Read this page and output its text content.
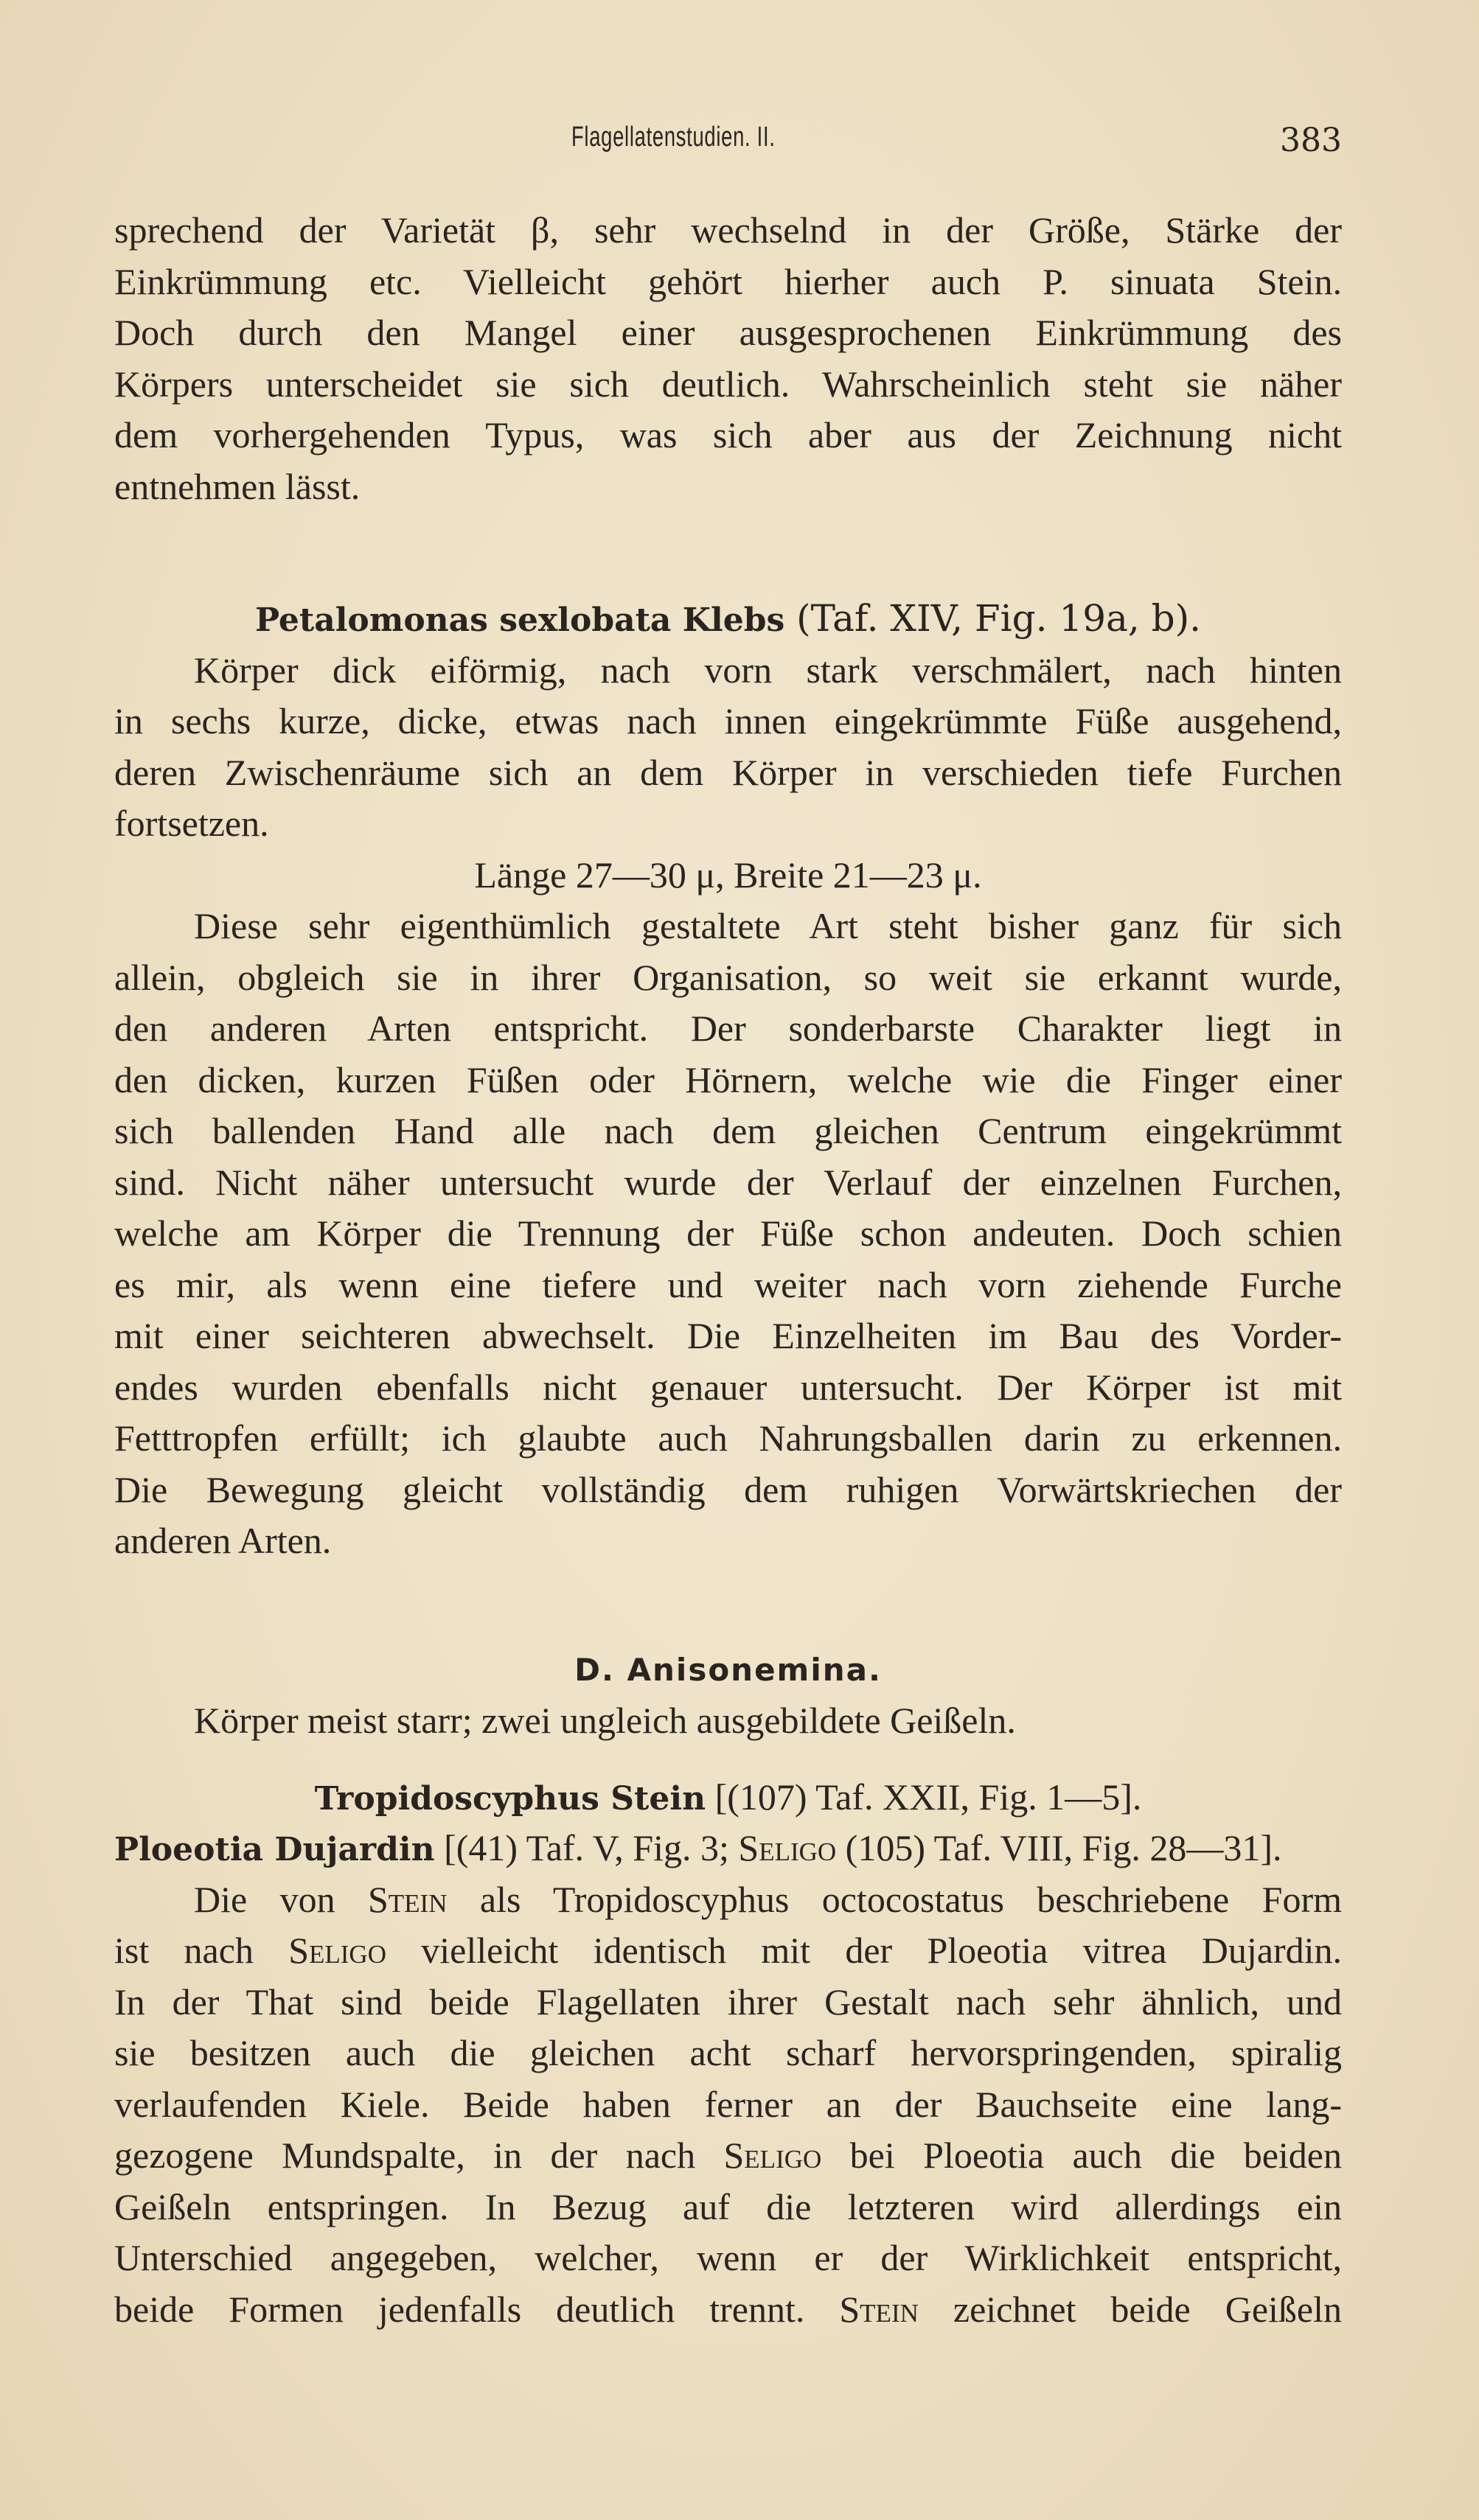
Flagellatenstudien. II.	383
sprechend der Varietät β, sehr wechselnd in der Größe, Stärke der
Einkrümmung etc. Vielleicht gehört hierher auch P. sinuata Stein.
Doch durch den Mangel einer ausgesprochenen Einkrümmung des
Körpers unterscheidet sie sich deutlich. Wahrscheinlich steht sie näher
dem vorhergehenden Typus, was sich aber aus der Zeichnung nicht
entnehmen lässt.
Petalomonas sexlobata Klebs (Taf. XIV, Fig. 19a, b).
Körper dick eiförmig, nach vorn stark verschmälert, nach hinten
in sechs kurze, dicke, etwas nach innen eingekrümmte Füße ausgehend,
deren Zwischenräume sich an dem Körper in verschieden tiefe Furchen
fortsetzen.
Länge 27—30 μ, Breite 21—23 μ.
Diese sehr eigenthümlich gestaltete Art steht bisher ganz für sich
allein, obgleich sie in ihrer Organisation, so weit sie erkannt wurde,
den anderen Arten entspricht. Der sonderbarste Charakter liegt in
den dicken, kurzen Füßen oder Hörnern, welche wie die Finger einer
sich ballenden Hand alle nach dem gleichen Centrum eingekrümmt
sind. Nicht näher untersucht wurde der Verlauf der einzelnen Furchen,
welche am Körper die Trennung der Füße schon andeuten. Doch schien
es mir, als wenn eine tiefere und weiter nach vorn ziehende Furche
mit einer seichteren abwechselt. Die Einzelheiten im Bau des Vorder-
endes wurden ebenfalls nicht genauer untersucht. Der Körper ist mit
Fetttropfen erfüllt; ich glaubte auch Nahrungsballen darin zu erkennen.
Die Bewegung gleicht vollständig dem ruhigen Vorwärtskriechen der
anderen Arten.
D. Anisonemina.
Körper meist starr; zwei ungleich ausgebildete Geißeln.
Tropidoscyphus Stein [(107) Taf. XXII, Fig. 1—5].
Ploeotia Dujardin [(41) Taf. V, Fig. 3; Seligo (105) Taf. VIII, Fig. 28—31].
Die von Stein als Tropidoscyphus octocostatus beschriebene Form
ist nach Seligo vielleicht identisch mit der Ploeotia vitrea Dujardin.
In der That sind beide Flagellaten ihrer Gestalt nach sehr ähnlich, und
sie besitzen auch die gleichen acht scharf hervorspringenden, spiralig
verlaufenden Kiele. Beide haben ferner an der Bauchseite eine lang-
gezogene Mundspalte, in der nach Seligo bei Ploeotia auch die beiden
Geißeln entspringen. In Bezug auf die letzteren wird allerdings ein
Unterschied angegeben, welcher, wenn er der Wirklichkeit entspricht,
beide Formen jedenfalls deutlich trennt. Stein zeichnet beide Geißeln
